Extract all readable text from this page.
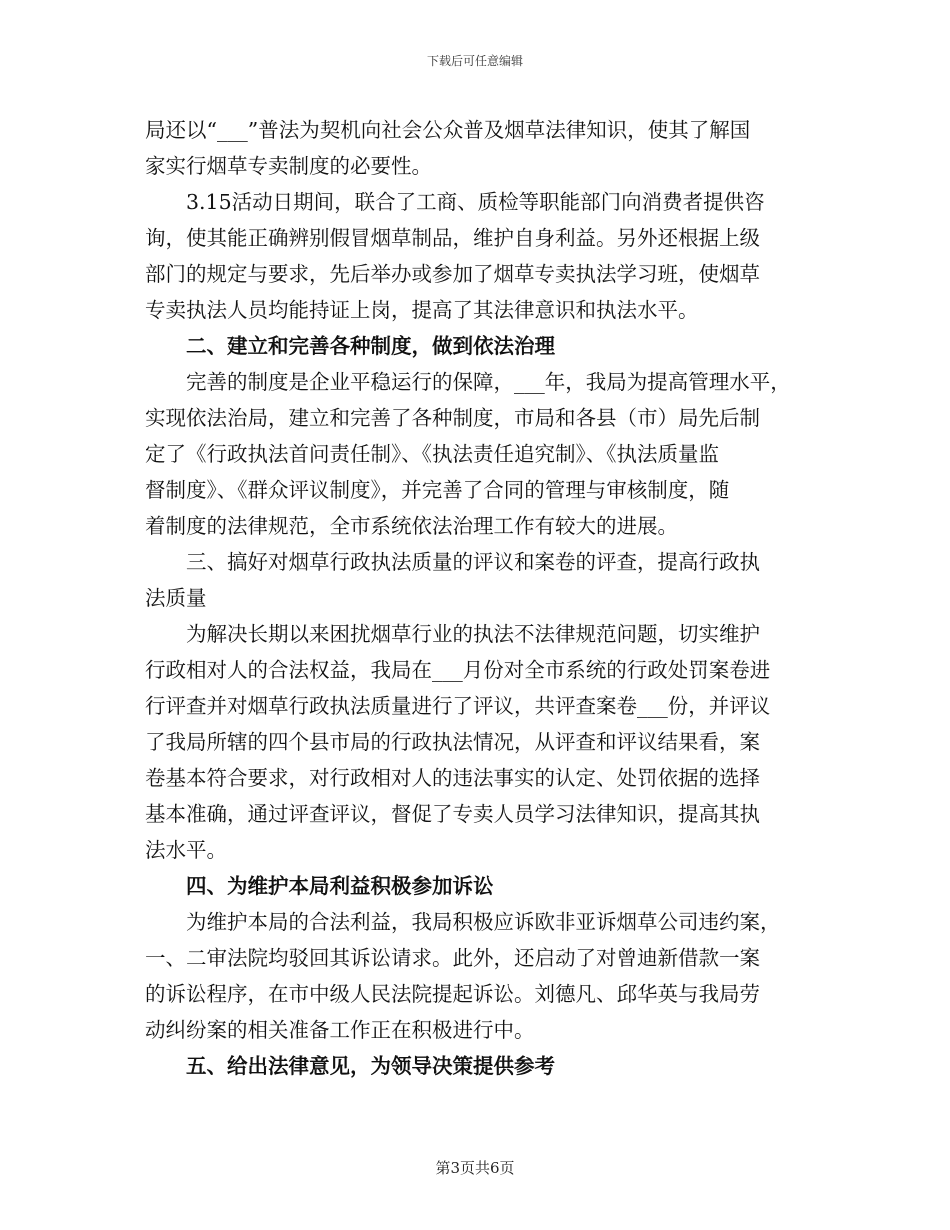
下载后可任意编辑
局还以“___”普法为契机向社会公众普及烟草法律知识，使其了解国
家实行烟草专卖制度的必要性。
3.15活动日期间，联合了工商、质检等职能部门向消费者提供咨
询，使其能正确辨别假冒烟草制品，维护自身利益。另外还根据上级
部门的规定与要求，先后举办或参加了烟草专卖执法学习班，使烟草
专卖执法人员均能持证上岗，提高了其法律意识和执法水平。
二、建立和完善各种制度，做到依法治理
完善的制度是企业平稳运行的保障，___年，我局为提高管理水平，
实现依法治局，建立和完善了各种制度，市局和各县（市）局先后制
定了《行政执法首问责任制》、《执法责任追究制》、《执法质量监
督制度》、《群众评议制度》，并完善了合同的管理与审核制度，随
着制度的法律规范，全市系统依法治理工作有较大的进展。
三、搞好对烟草行政执法质量的评议和案卷的评查，提高行政执
法质量
为解决长期以来困扰烟草行业的执法不法律规范问题，切实维护
行政相对人的合法权益，我局在___月份对全市系统的行政处罚案卷进
行评查并对烟草行政执法质量进行了评议，共评查案卷___份，并评议
了我局所辖的四个县市局的行政执法情况，从评查和评议结果看，案
卷基本符合要求，对行政相对人的违法事实的认定、处罚依据的选择
基本准确，通过评查评议，督促了专卖人员学习法律知识，提高其执
法水平。
四、为维护本局利益积极参加诉讼
为维护本局的合法利益，我局积极应诉欧非亚诉烟草公司违约案，
一、二审法院均驳回其诉讼请求。此外，还启动了对曾迪新借款一案
的诉讼程序，在市中级人民法院提起诉讼。刘德凡、邱华英与我局劳
动纠纷案的相关准备工作正在积极进行中。
五、给出法律意见，为领导决策提供参考
第3页共6页
